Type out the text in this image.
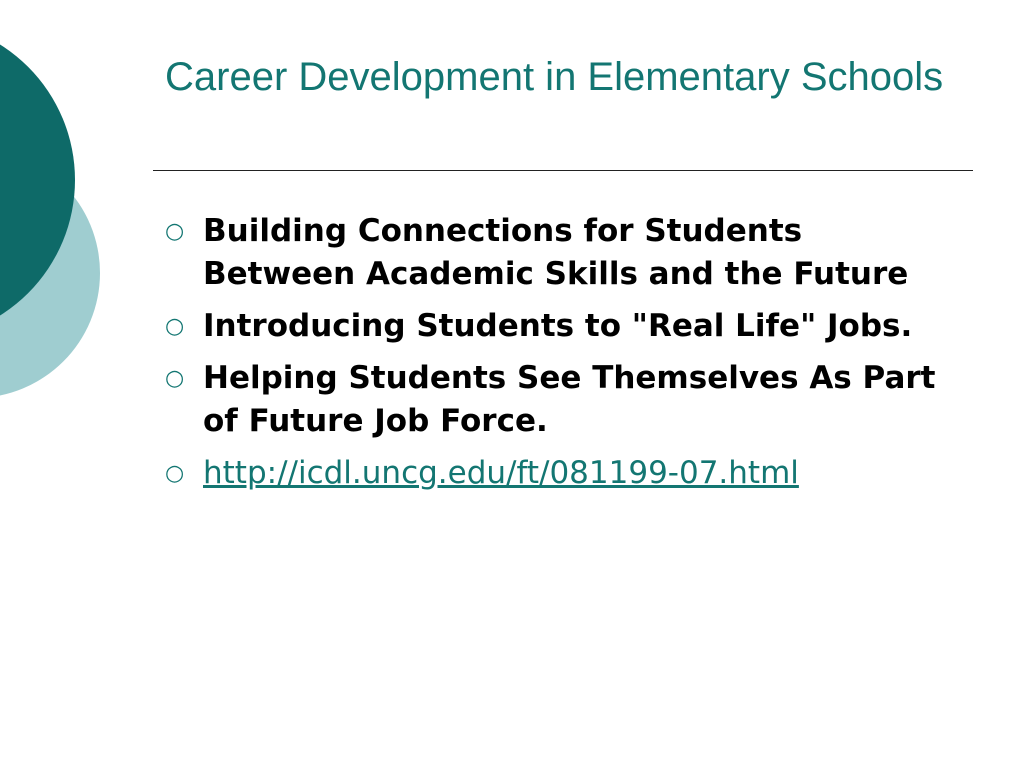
Career Development in Elementary Schools
○ Building Connections for Students Between Academic Skills and the Future
○ Introducing Students to "Real Life" Jobs.
○ Helping Students See Themselves As Part of Future Job Force.
○ http://icdl.uncg.edu/ft/081199-07.html
